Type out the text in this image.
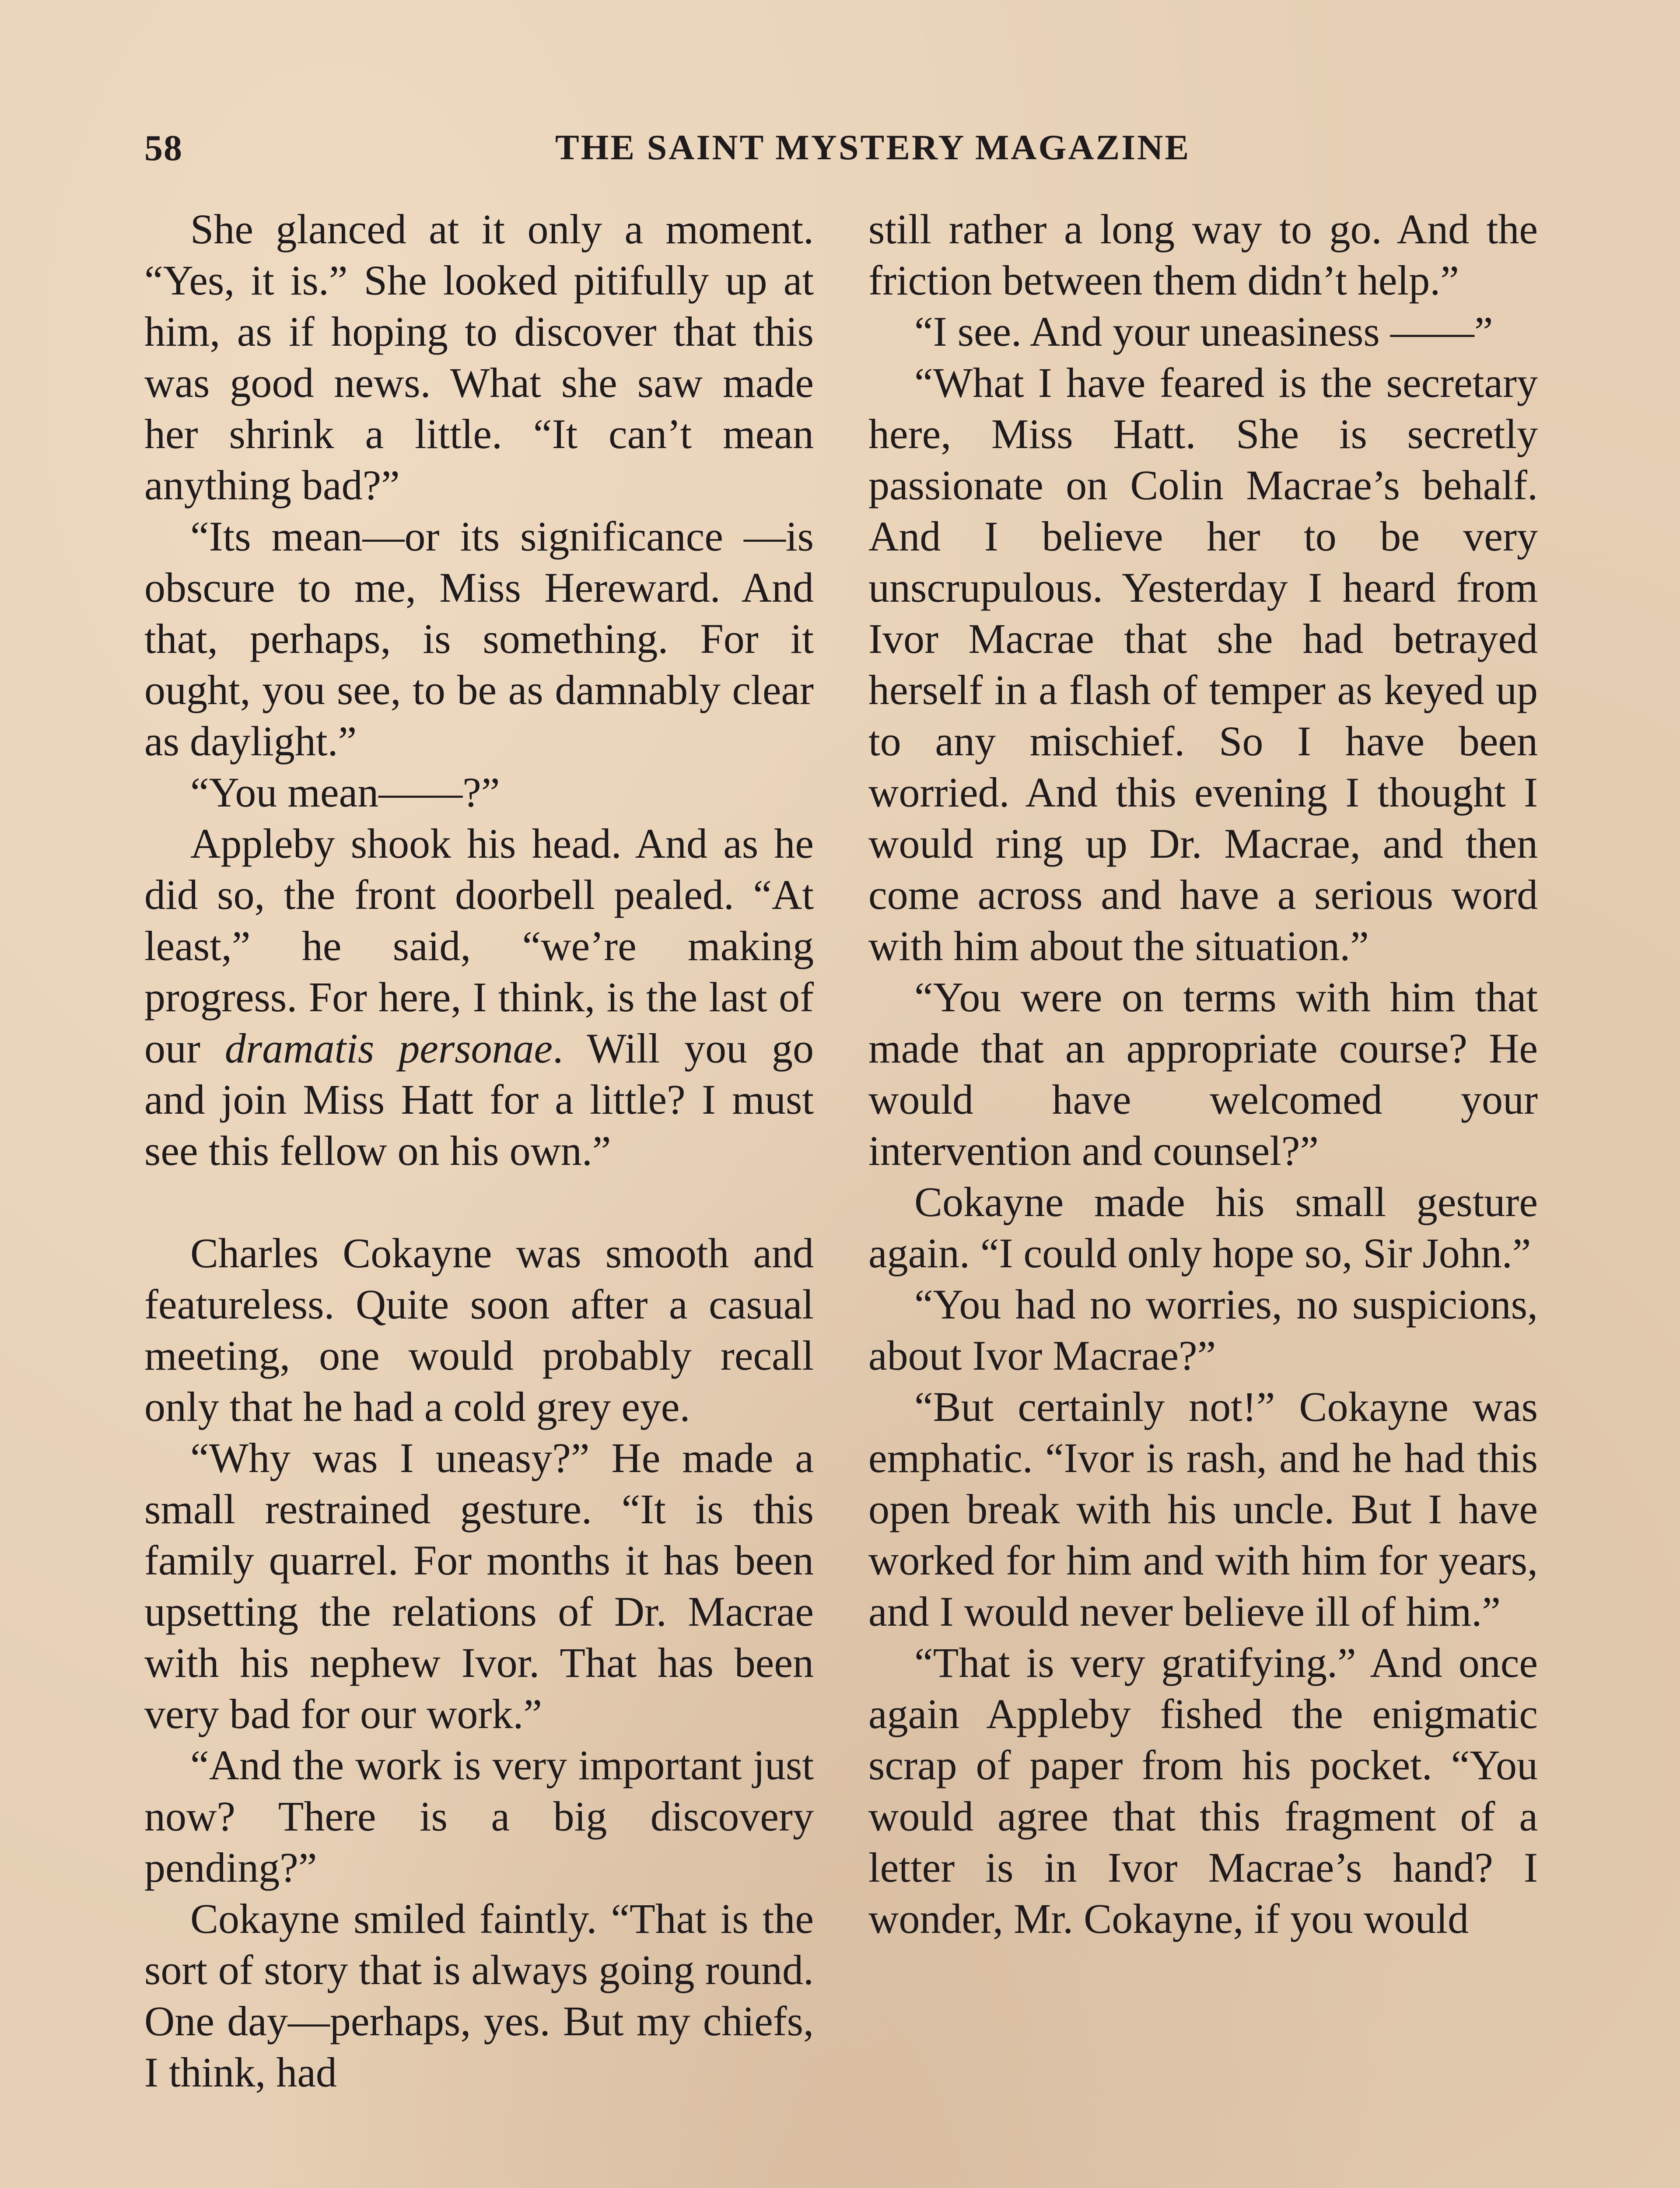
58	THE SAINT MYSTERY MAGAZINE

She glanced at it only a moment. “Yes, it is.” She looked pitifully up at him, as if hoping to discover that this was good news. What she saw made her shrink a little. “It can’t mean anything bad?”

“Its mean—or its significance —is obscure to me, Miss Hereward. And that, perhaps, is something. For it ought, you see, to be as damnably clear as daylight.”

“You mean——?”

Appleby shook his head. And as he did so, the front doorbell pealed. “At least,” he said, “we’re making progress. For here, I think, is the last of our dramatis personae. Will you go and join Miss Hatt for a little? I must see this fellow on his own.”

Charles Cokayne was smooth and featureless. Quite soon after a casual meeting, one would probably recall only that he had a cold grey eye.

“Why was I uneasy?” He made a small restrained gesture. “It is this family quarrel. For months it has been upsetting the relations of Dr. Macrae with his nephew Ivor. That has been very bad for our work.”

“And the work is very important just now? There is a big discovery pending?”

Cokayne smiled faintly. “That is the sort of story that is always going round. One day—perhaps, yes. But my chiefs, I think, had

still rather a long way to go. And the friction between them didn’t help.”

“I see. And your uneasiness ——”

“What I have feared is the secretary here, Miss Hatt. She is secretly passionate on Colin Macrae’s behalf. And I believe her to be very unscrupulous. Yesterday I heard from Ivor Macrae that she had betrayed herself in a flash of temper as keyed up to any mischief. So I have been worried. And this evening I thought I would ring up Dr. Macrae, and then come across and have a serious word with him about the situation.”

“You were on terms with him that made that an appropriate course? He would have welcomed your intervention and counsel?”

Cokayne made his small gesture again. “I could only hope so, Sir John.”

“You had no worries, no suspicions, about Ivor Macrae?”

“But certainly not!” Cokayne was emphatic. “Ivor is rash, and he had this open break with his uncle. But I have worked for him and with him for years, and I would never believe ill of him.”

“That is very gratifying.” And once again Appleby fished the enigmatic scrap of paper from his pocket. “You would agree that this fragment of a letter is in Ivor Macrae’s hand? I wonder, Mr. Cokayne, if you would
